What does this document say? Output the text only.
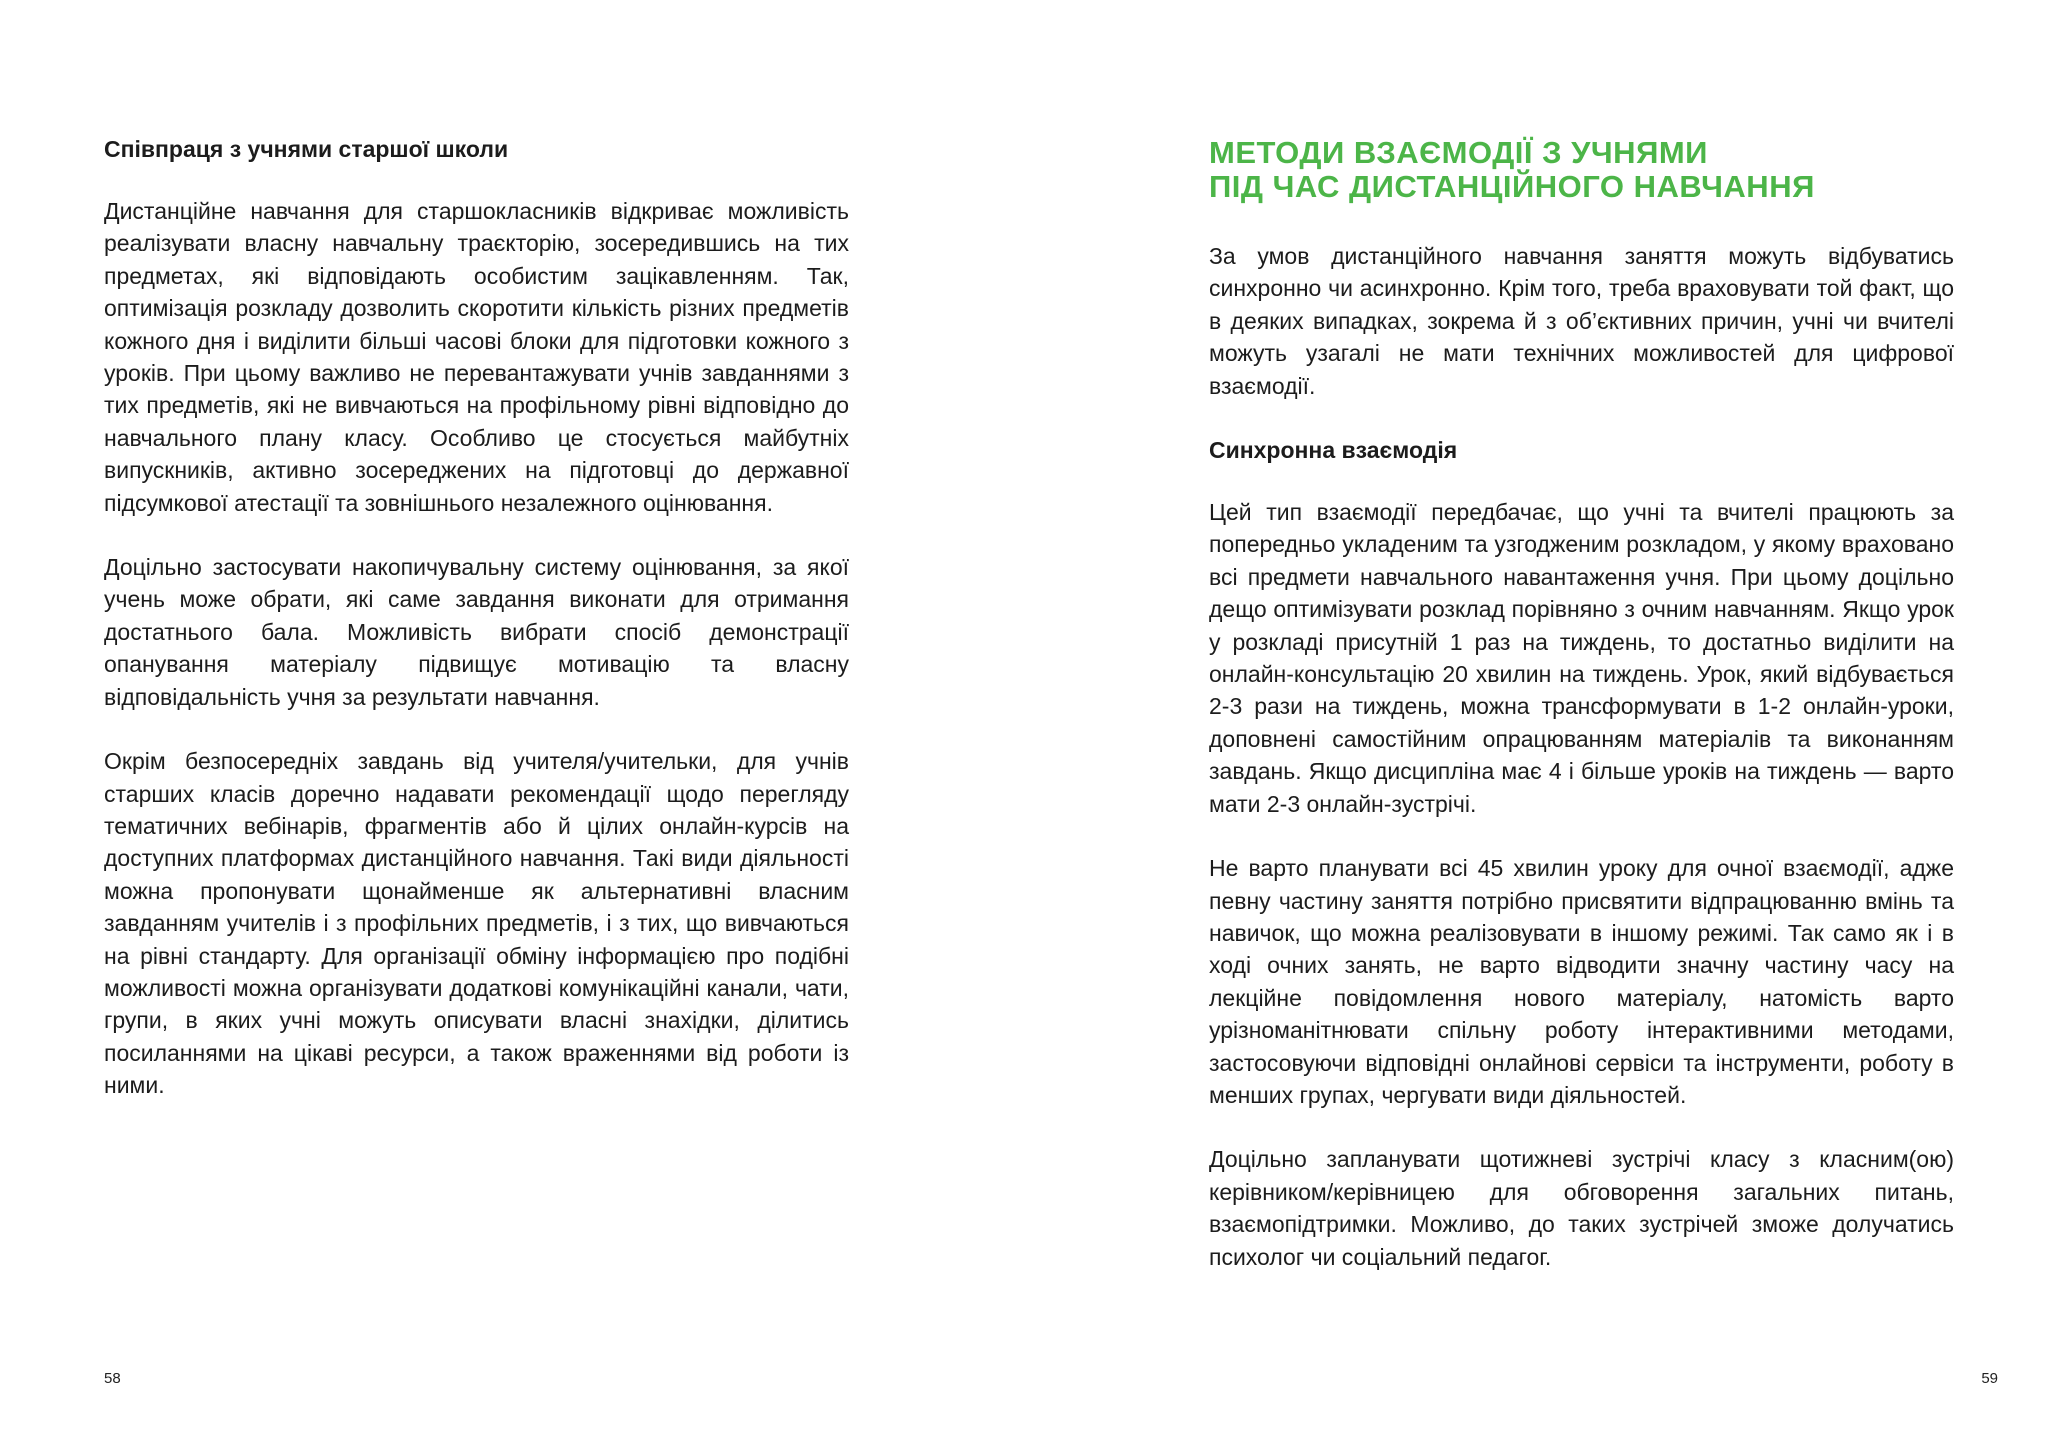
Співпраця з учнями старшої школи

Дистанційне навчання для старшокласників відкриває можливість реалізувати власну навчальну траєкторію, зосередившись на тих предметах, які відповідають особистим зацікавленням. Так, оптимізація розкладу дозволить скоротити кількість різних предметів кожного дня і виділити більші часові блоки для підготовки кожного з уроків. При цьому важливо не перевантажувати учнів завданнями з тих предметів, які не вивчаються на профільному рівні відповідно до навчального плану класу. Особливо це стосується майбутніх випускників, активно зосереджених на підготовці до державної підсумкової атестації та зовнішнього незалежного оцінювання.

Доцільно застосувати накопичувальну систему оцінювання, за якої учень може обрати, які саме завдання виконати для отримання достатнього бала. Можливість вибрати спосіб демонстрації опанування матеріалу підвищує мотивацію та власну відповідальність учня за результати навчання.

Окрім безпосередніх завдань від учителя/учительки, для учнів старших класів доречно надавати рекомендації щодо перегляду тематичних вебінарів, фрагментів або й цілих онлайн-курсів на доступних платформах дистанційного навчання. Такі види діяльності можна пропонувати щонайменше як альтернативні власним завданням учителів і з профільних предметів, і з тих, що вивчаються на рівні стандарту. Для організації обміну інформацією про подібні можливості можна організувати додаткові комунікаційні канали, чати, групи, в яких учні можуть описувати власні знахідки, ділитись посиланнями на цікаві ресурси, а також враженнями від роботи із ними.

58
МЕТОДИ ВЗАЄМОДІЇ З УЧНЯМИ
ПІД ЧАС ДИСТАНЦІЙНОГО НАВЧАННЯ

За умов дистанційного навчання заняття можуть відбуватись синхронно чи асинхронно. Крім того, треба враховувати той факт, що в деяких випадках, зокрема й з об’єктивних причин, учні чи вчителі можуть узагалі не мати технічних можливостей для цифрової взаємодії.

Синхронна взаємодія

Цей тип взаємодії передбачає, що учні та вчителі працюють за попередньо укладеним та узгодженим розкладом, у якому враховано всі предмети навчального навантаження учня. При цьому доцільно дещо оптимізувати розклад порівняно з очним навчанням. Якщо урок у розкладі присутній 1 раз на тиждень, то достатньо виділити на онлайн-консультацію 20 хвилин на тиждень. Урок, який відбувається 2-3 рази на тиждень, можна трансформувати в 1-2 онлайн-уроки, доповнені самостійним опрацюванням матеріалів та виконанням завдань. Якщо дисципліна має 4 і більше уроків на тиждень — варто мати 2-3 онлайн-зустрічі.

Не варто планувати всі 45 хвилин уроку для очної взаємодії, адже певну частину заняття потрібно присвятити відпрацюванню вмінь та навичок, що можна реалізовувати в іншому режимі. Так само як і в ході очних занять, не варто відводити значну частину часу на лекційне повідомлення нового матеріалу, натомість варто урізноманітнювати спільну роботу інтерактивними методами, застосовуючи відповідні онлайнові сервіси та інструменти, роботу в менших групах, чергувати види діяльностей.

Доцільно запланувати щотижневі зустрічі класу з класним(ою) керівником/керівницею для обговорення загальних питань, взаємопідтримки. Можливо, до таких зустрічей зможе долучатись психолог чи соціальний педагог.

59
